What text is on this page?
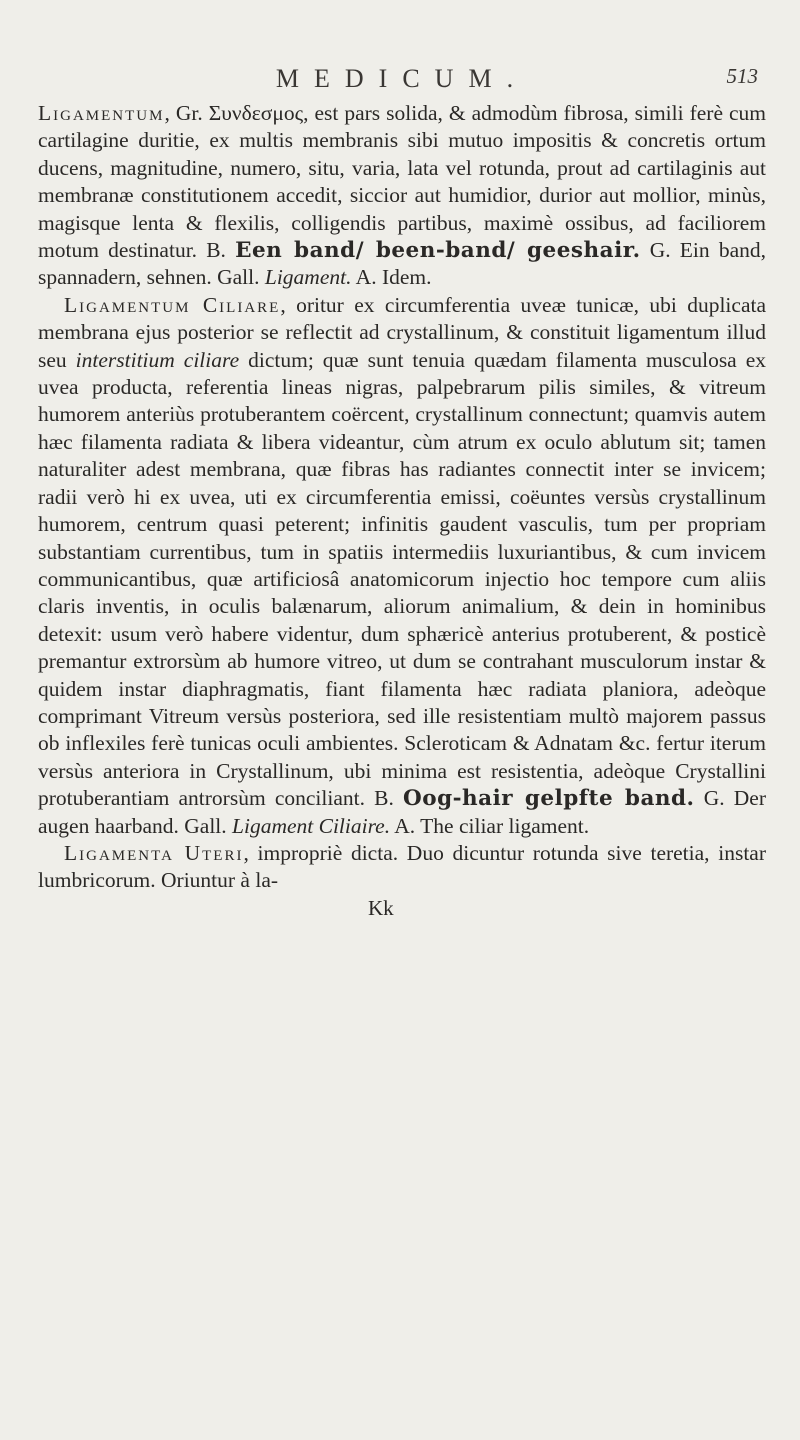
MEDICUM.	513

Ligamentum, Gr. Συνδεσμος, est pars solida, & admodùm fibrosa, simili ferè cum cartilagine duritie, ex multis membranis sibi mutuo impositis & concretis ortum ducens, magnitudine, numero, situ, varia, lata vel rotunda, prout ad cartilaginis aut membranæ constitutionem accedit, siccior aut humidior, durior aut mollior, minùs, magisque lenta & flexilis, colligendis partibus, maximè ossibus, ad faciliorem motum destinatur. B. Een band/ been-band/ geeshair. G. Ein band, spannadern, sehnen. Gall. Ligament. A. Idem.

Ligamentum Ciliare, oritur ex circumferentia uveæ tunicæ, ubi duplicata membrana ejus posterior se reflectit ad crystallinum, & constituit ligamentum illud seu interstitium ciliare dictum; quæ sunt tenuia quædam filamenta musculosa ex uvea producta, referentia lineas nigras, palpebrarum pilis similes, & vitreum humorem anteriùs protuberantem coërcent, crystallinum connectunt; quamvis autem hæc filamenta radiata & libera videantur, cùm atrum ex oculo ablutum sit; tamen naturaliter adest membrana, quæ fibras has radiantes connectit inter se invicem; radii verò hi ex uvea, uti ex circumferentia emissi, coëuntes versùs crystallinum humorem, centrum quasi peterent; infinitis gaudent vasculis, tum per propriam substantiam currentibus, tum in spatiis intermediis luxuriantibus, & cum invicem communicantibus, quæ artificiosâ anatomicorum injectio hoc tempore cum aliis claris inventis, in oculis balænarum, aliorum animalium, & dein in hominibus detexit: usum verò habere videntur, dum sphæricè anterius protuberent, & posticè premantur extrorsùm ab humore vitreo, ut dum se contrahant musculorum instar & quidem instar diaphragmatis, fiant filamenta hæc radiata planiora, adeòque comprimant Vitreum versùs posteriora, sed ille resistentiam multò majorem passus ob inflexiles ferè tunicas oculi ambientes. Scleroticam & Adnatam &c. fertur iterum versùs anteriora in Crystallinum, ubi minima est resistentia, adeòque Crystallini protuberantiam antrorsùm conciliant. B. Oog-hair gelpfte band. G. Der augen haarband. Gall. Ligament Ciliaire. A. The ciliar ligament.

Ligamenta Uteri, impropriè dicta. Duo dicuntur rotunda sive teretia, instar lumbricorum. Oriuntur à la-

Kk
